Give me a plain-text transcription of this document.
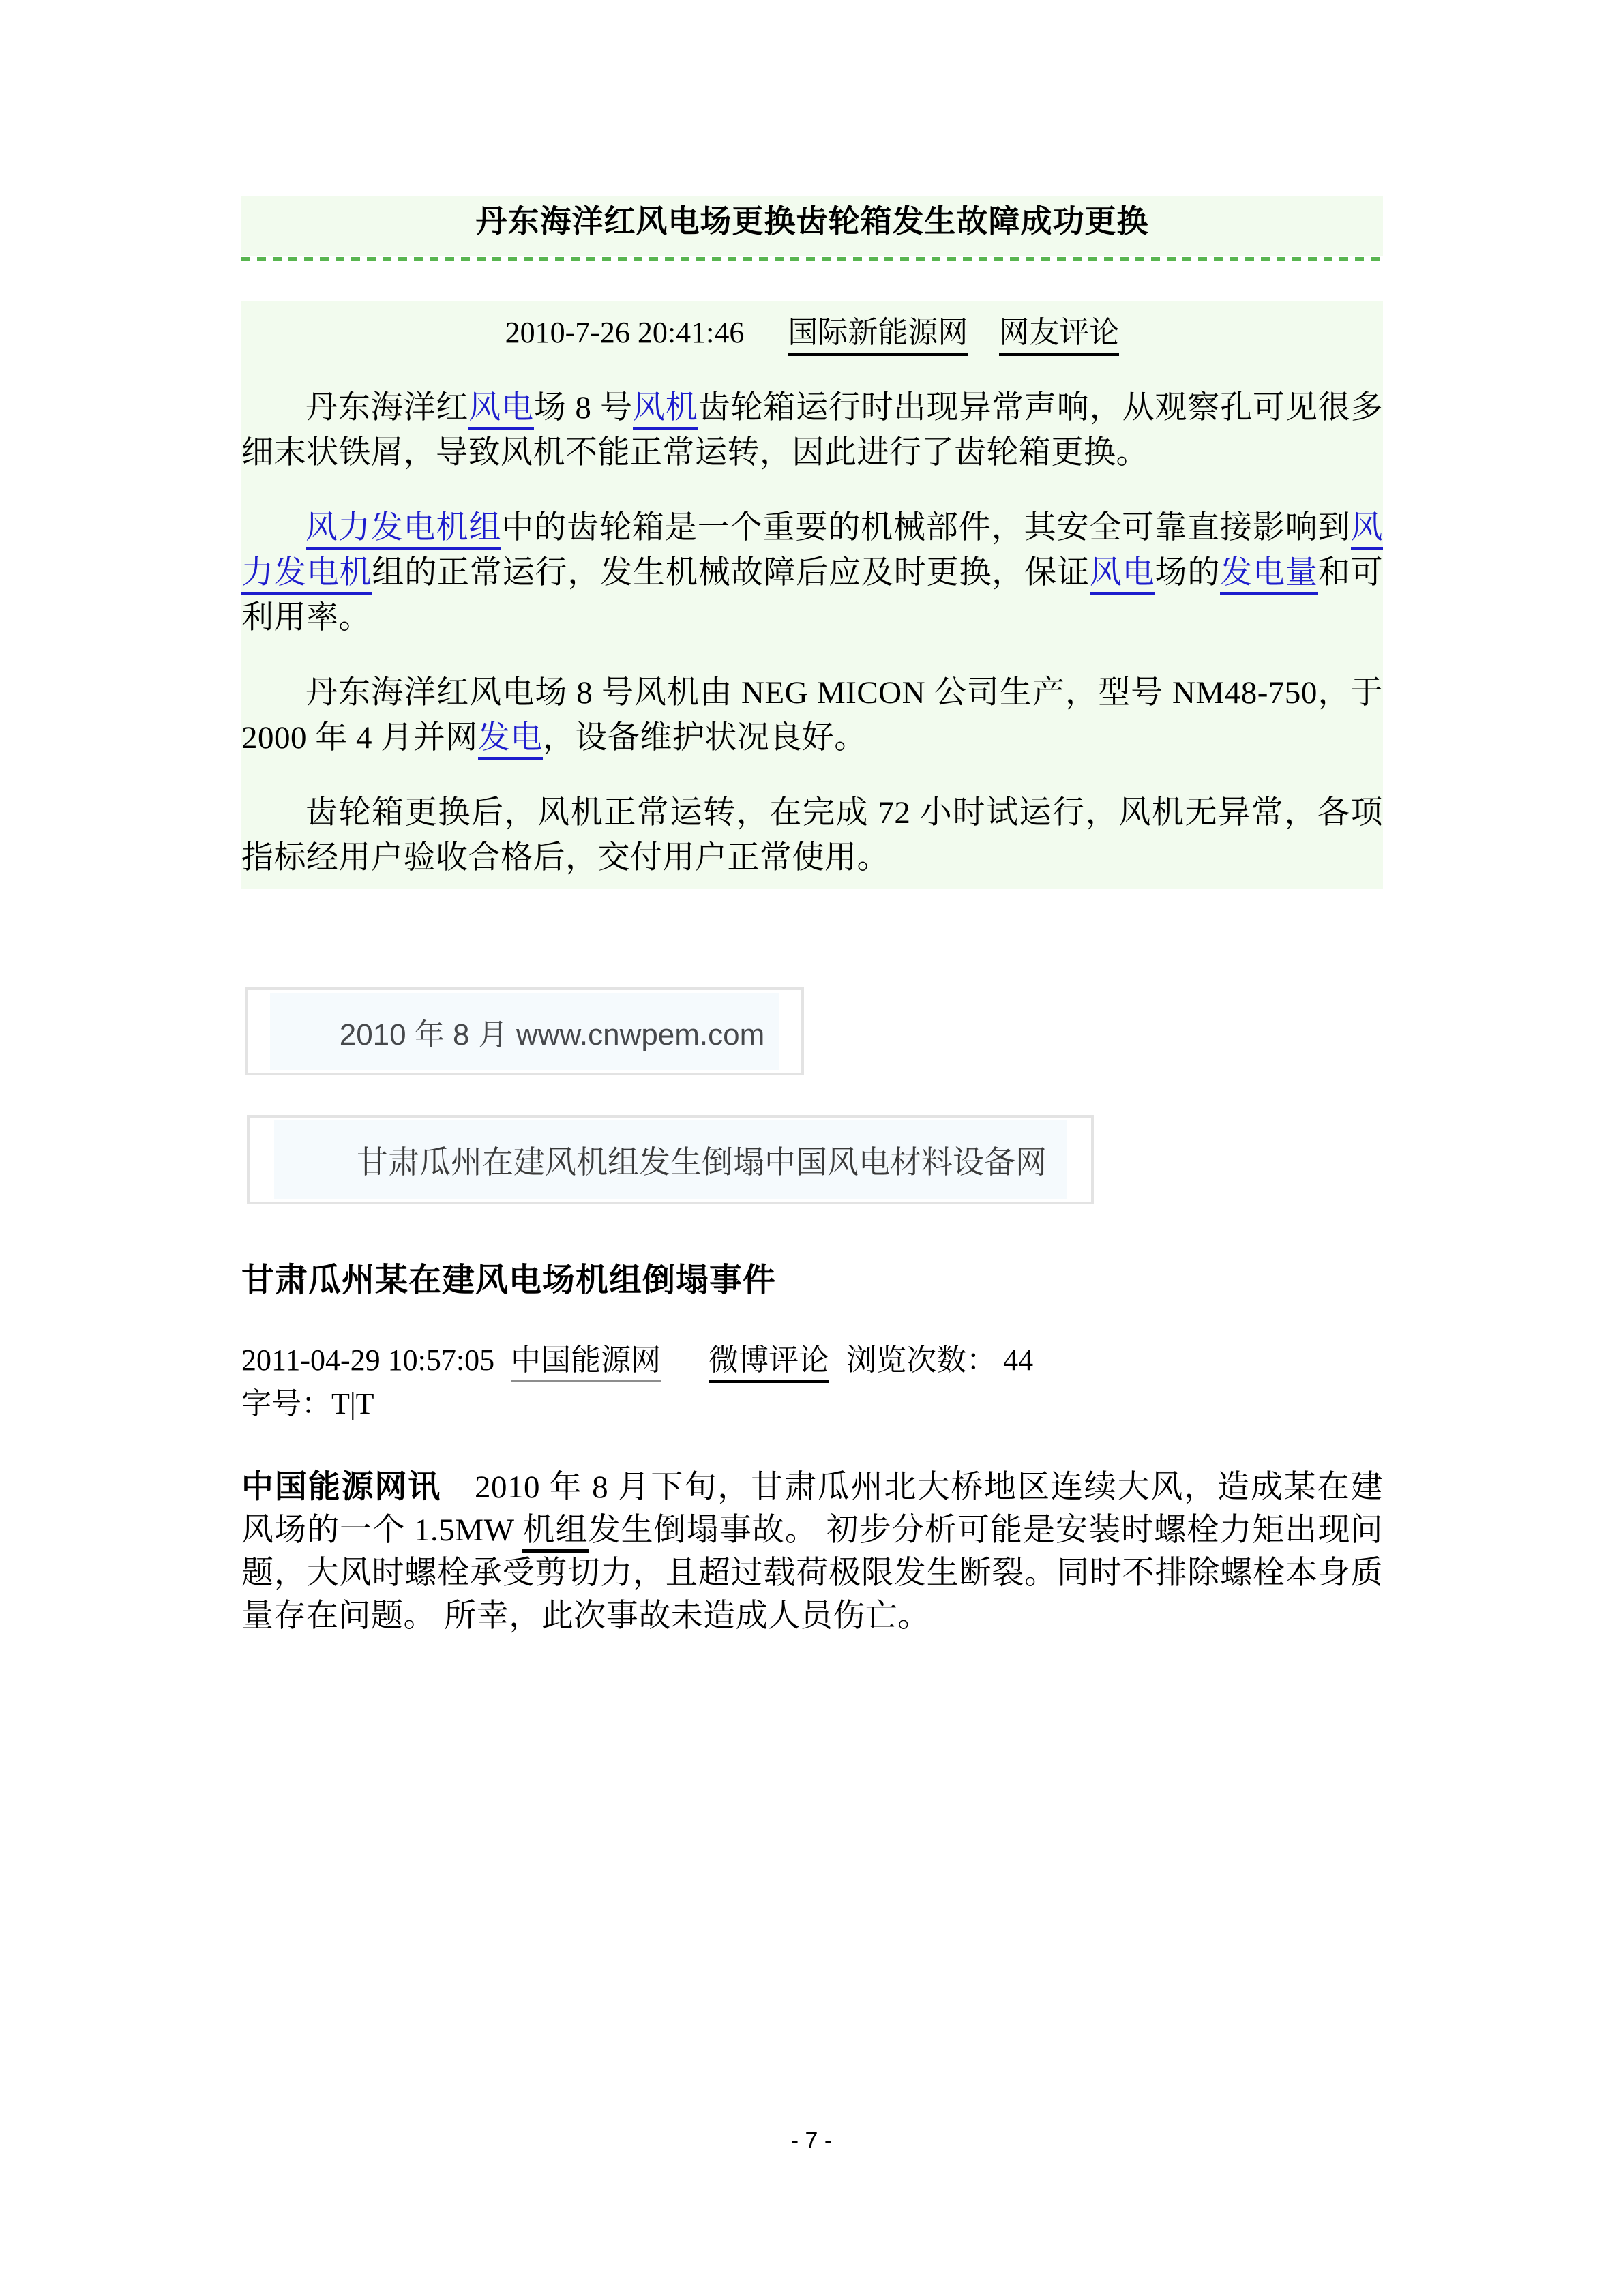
丹东海洋红风电场更换齿轮箱发生故障成功更换
2010-7-26 20:41:46 国际新能源网 网友评论

丹东海洋红风电场 8 号风机齿轮箱运行时出现异常声响，从观察孔可见很多细末状铁屑，导致风机不能正常运转，因此进行了齿轮箱更换。

风力发电机组中的齿轮箱是一个重要的机械部件，其安全可靠直接影响到风力发电机组的正常运行，发生机械故障后应及时更换，保证风电场的发电量和可利用率。

丹东海洋红风电场 8 号风机由 NEG MICON 公司生产，型号 NM48-750，于2000 年 4 月并网发电，设备维护状况良好。

齿轮箱更换后，风机正常运转，在完成 72 小时试运行，风机无异常，各项指标经用户验收合格后，交付用户正常使用。

2010 年 8 月 www.cnwpem.com
甘肃瓜州在建风机组发生倒塌中国风电材料设备网
甘肃瓜州某在建风电场机组倒塌事件
2011-04-29 10:57:05 中国能源网 微博评论 浏览次数： 44
字号：T|T

中国能源网讯　2010 年 8 月下旬，甘肃瓜州北大桥地区连续大风，造成某在建风场的一个 1.5MW 机组发生倒塌事故。 初步分析可能是安装时螺栓力矩出现问题，大风时螺栓承受剪切力，且超过载荷极限发生断裂。同时不排除螺栓本身质量存在问题。 所幸，此次事故未造成人员伤亡。

- 7 -
